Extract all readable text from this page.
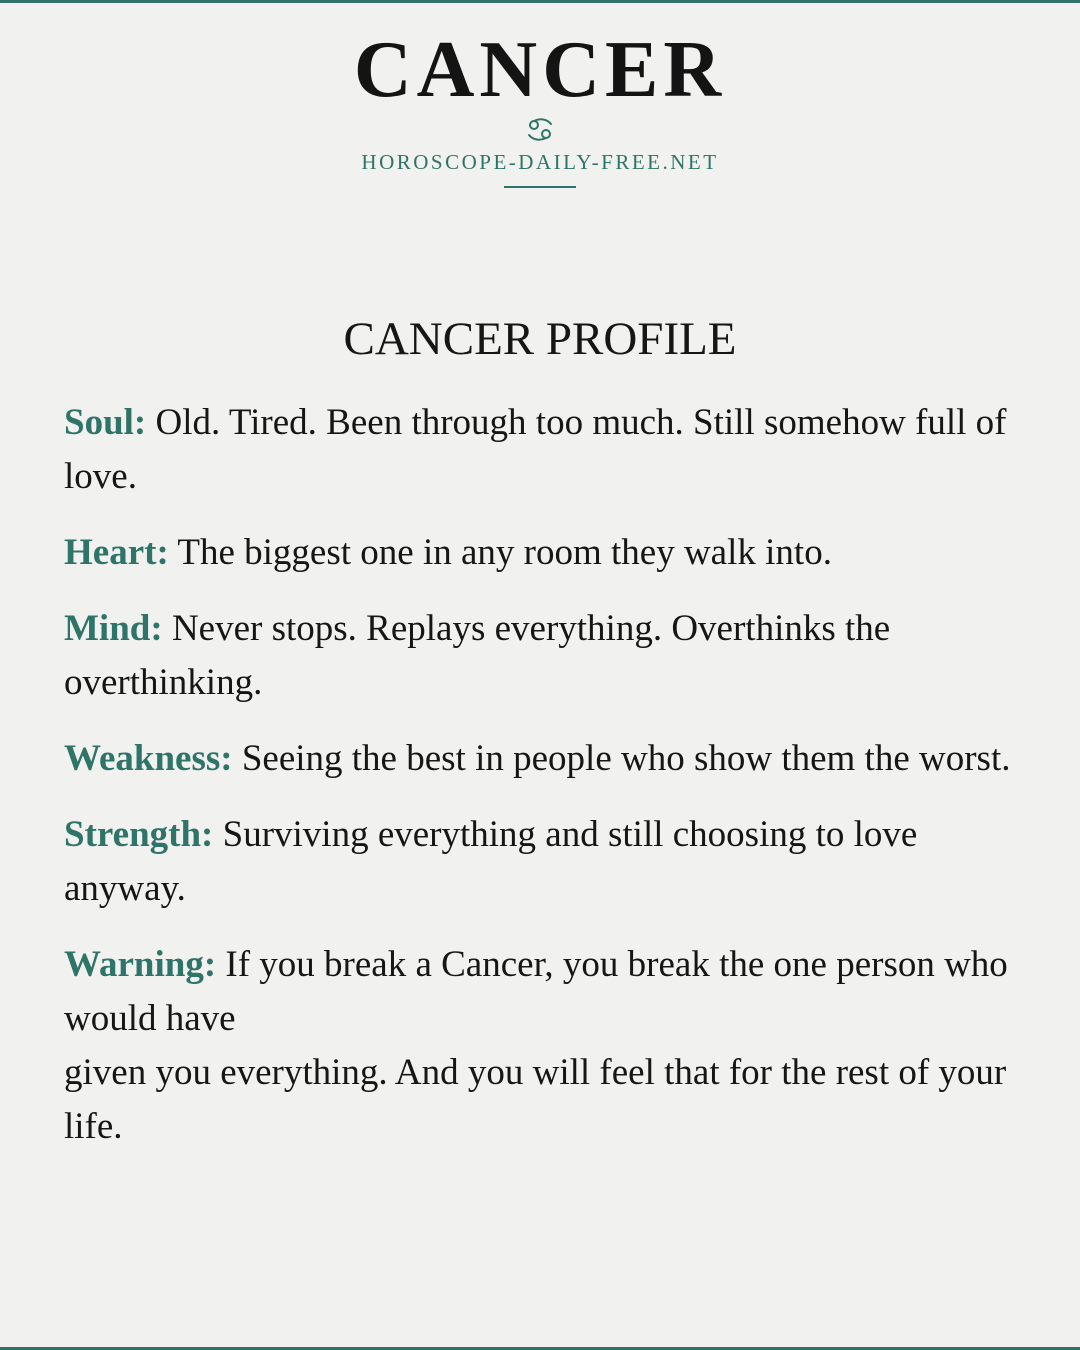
CANCER
HOROSCOPE-DAILY-FREE.NET
CANCER PROFILE

Soul: Old. Tired. Been through too much. Still somehow full of love.

Heart: The biggest one in any room they walk into.

Mind: Never stops. Replays everything. Overthinks the overthinking.

Weakness: Seeing the best in people who show them the worst.

Strength: Surviving everything and still choosing to love anyway.

Warning: If you break a Cancer, you break the one person who would have
given you everything. And you will feel that for the rest of your life.
